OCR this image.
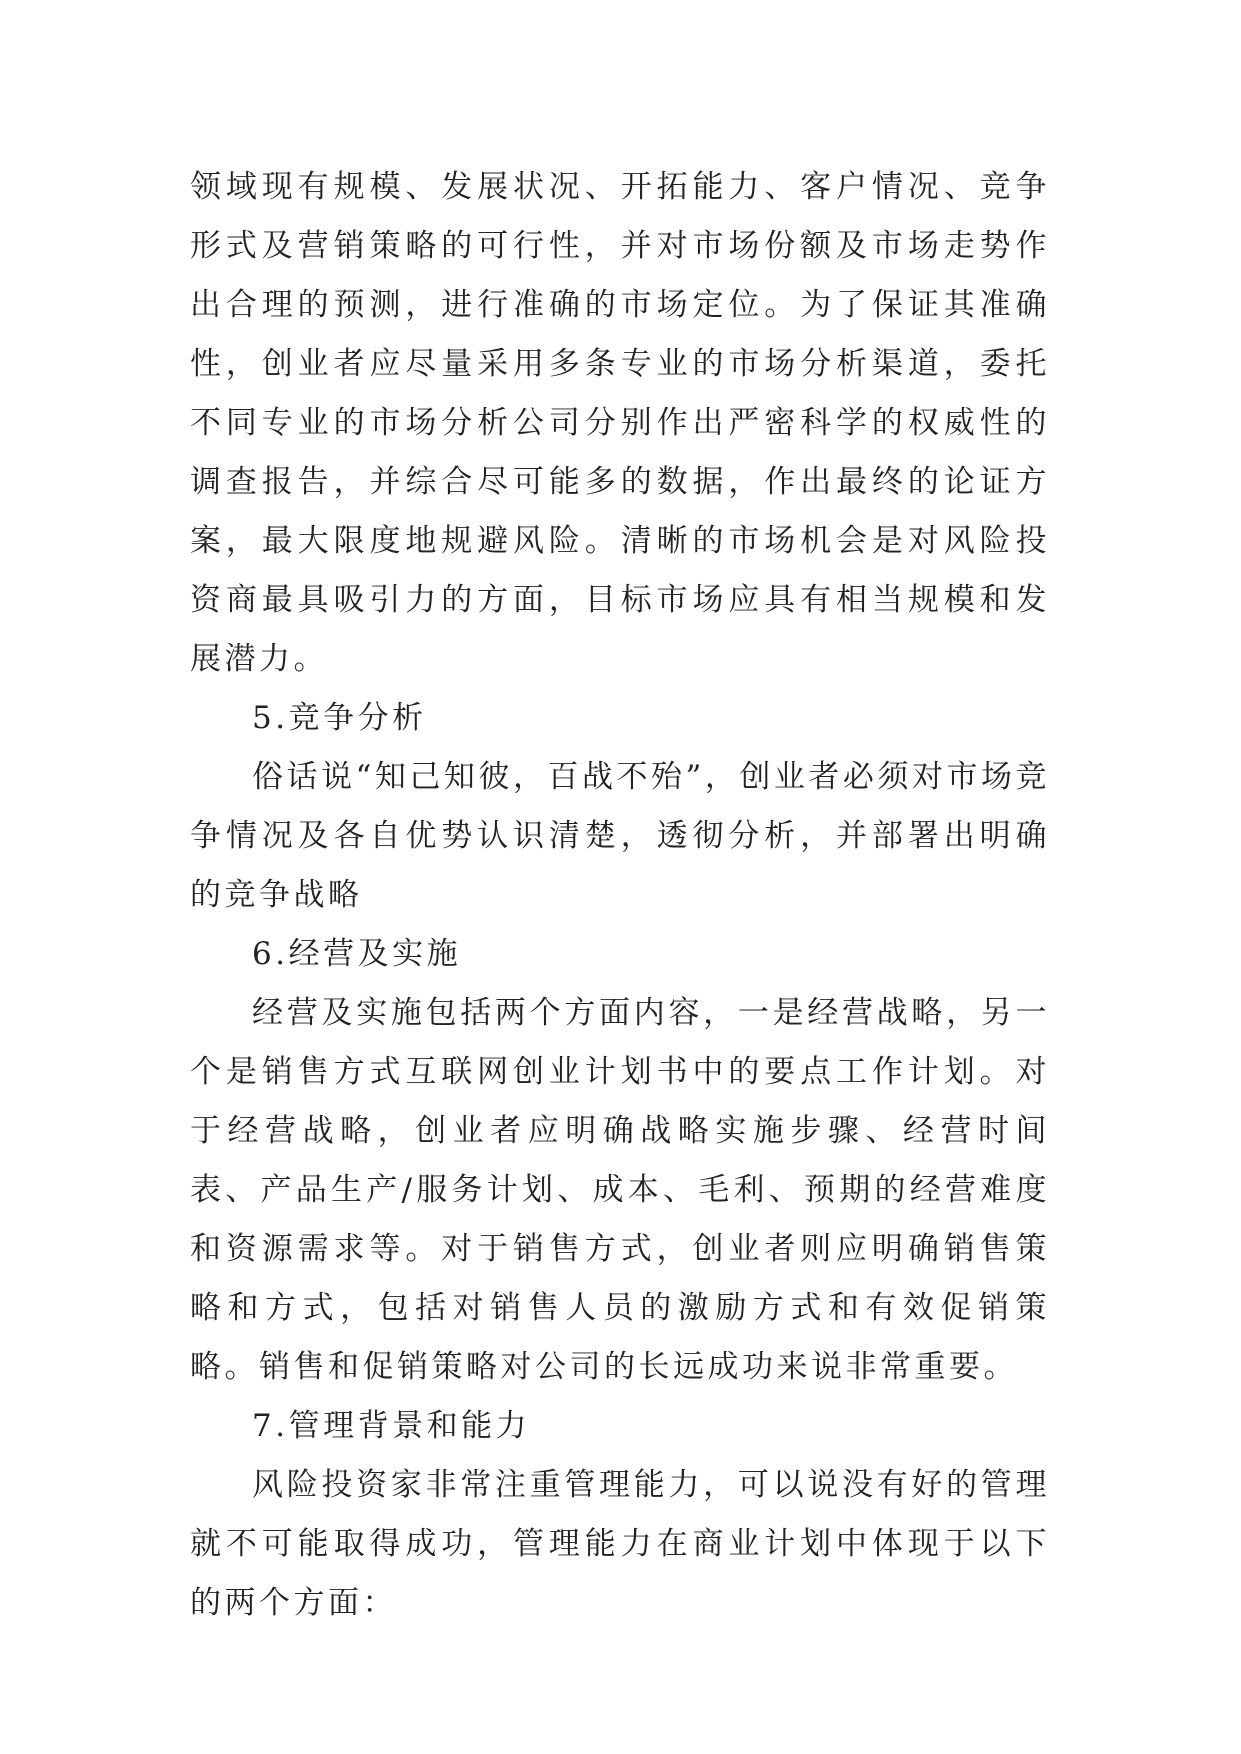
领域现有规模、发展状况、开拓能力、客户情况、竞争形式及营销策略的可行性，并对市场份额及市场走势作出合理的预测，进行准确的市场定位。为了保证其准确性，创业者应尽量采用多条专业的市场分析渠道，委托不同专业的市场分析公司分别作出严密科学的权威性的调查报告，并综合尽可能多的数据，作出最终的论证方案，最大限度地规避风险。清晰的市场机会是对风险投资商最具吸引力的方面，目标市场应具有相当规模和发展潜力。

5.竞争分析

俗话说“知己知彼，百战不殆”，创业者必须对市场竞争情况及各自优势认识清楚，透彻分析，并部署出明确的竞争战略

6.经营及实施

经营及实施包括两个方面内容，一是经营战略，另一个是销售方式互联网创业计划书中的要点工作计划。对于经营战略，创业者应明确战略实施步骤、经营时间表、产品生产/服务计划、成本、毛利、预期的经营难度和资源需求等。对于销售方式，创业者则应明确销售策略和方式，包括对销售人员的激励方式和有效促销策略。销售和促销策略对公司的长远成功来说非常重要。

7.管理背景和能力

风险投资家非常注重管理能力，可以说没有好的管理就不可能取得成功，管理能力在商业计划中体现于以下的两个方面：
